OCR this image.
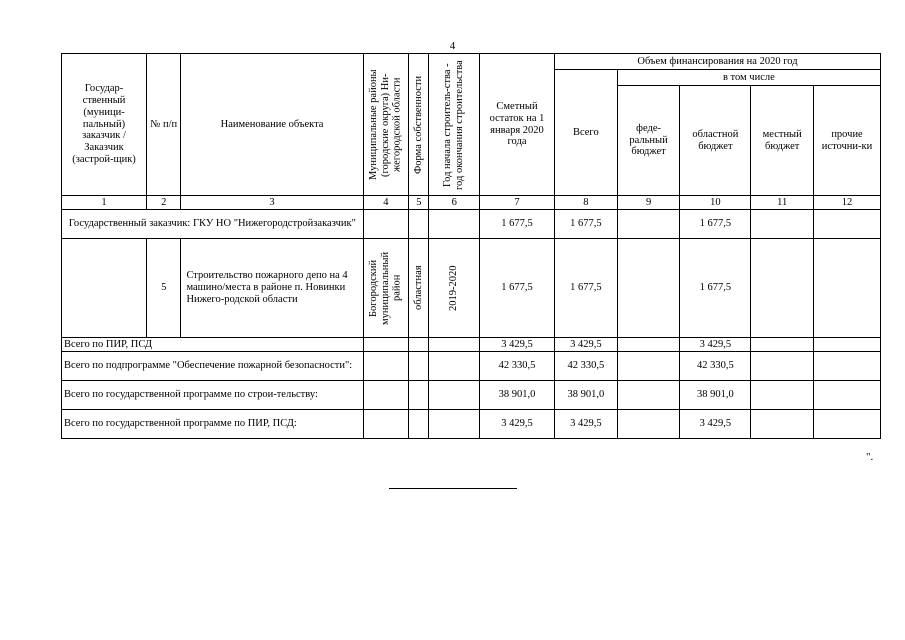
4
Государ-ственный (муници-пальный) заказчик / Заказчик (застрой-щик)	№ п/п	Наименование объекта	Муниципальные районы (городские округа) Ни-жегородской области	Форма собственности	Год начала строитель-ства - год окончания строительства	Сметный остаток на 1 января 2020 года	Объем финансирования на 2020 год				
							Всего	в том числе			
								феде-ральный бюджет	областной бюджет	местный бюджет	прочие источни-ки
1	2	3	4	5	6	7	8	9	10	11	12
Государственный заказчик: ГКУ НО "Нижегородстройзаказчик"						1 677,5	1 677,5		1 677,5		
	5	Строительство пожарного депо на 4 машино/места в районе п. Новинки Нижего-родской области	Богородский муниципальный район	областная	2019-2020	1 677,5	1 677,5		1 677,5		
Всего по ПИР, ПСД						3 429,5	3 429,5		3 429,5		
Всего по подпрограмме "Обеспечение пожарной безопасности":						42 330,5	42 330,5		42 330,5		
Всего по государственной программе по строи-тельству:						38 901,0	38 901,0		38 901,0		
Всего по государственной программе по ПИР, ПСД:						3 429,5	3 429,5		3 429,5		
".
